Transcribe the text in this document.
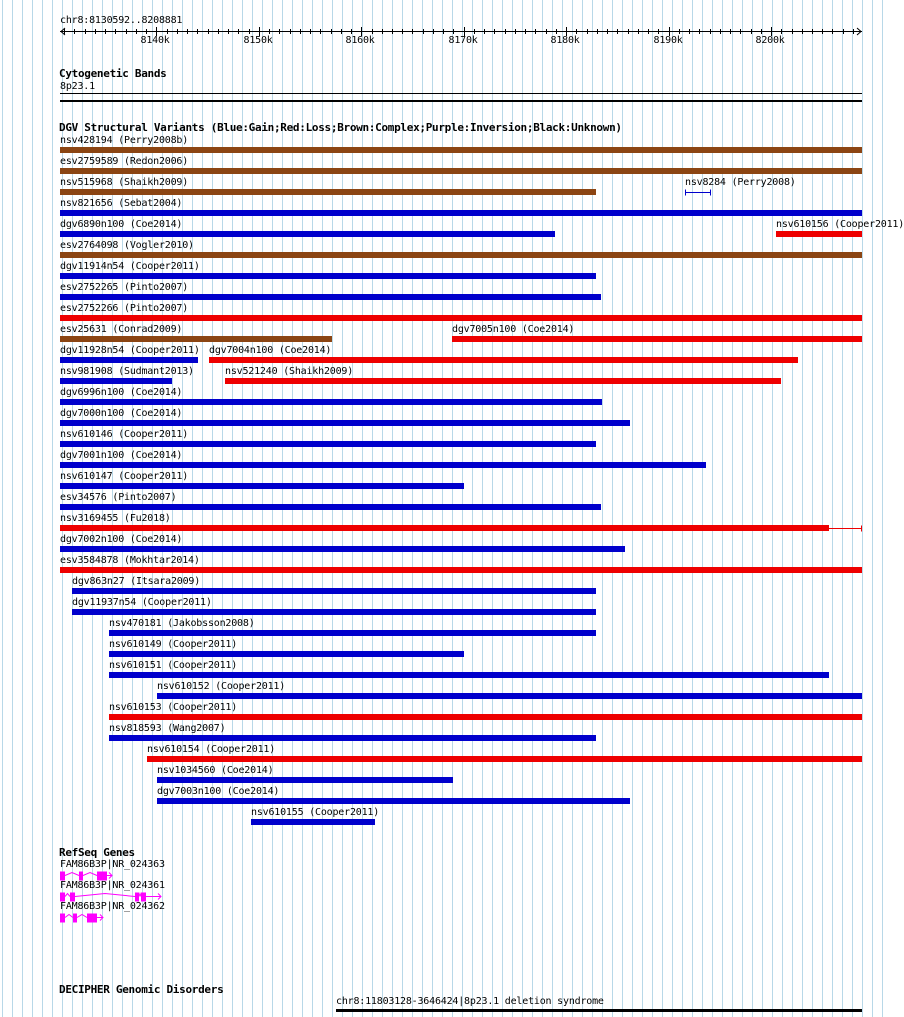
chr8:8130592..8208881
Cytogenetic Bands
8p23.1
DGV Structural Variants (Blue:Gain;Red:Loss;Brown:Complex;Purple:Inversion;Black:Unknown)
nsv428194 (Perry2008b)
esv2759589 (Redon2006)
nsv515968 (Shaikh2009)	nsv8284 (Perry2008)
nsv821656 (Sebat2004)
dgv6890n100 (Coe2014)	nsv610156 (Cooper2011)
esv2764098 (Vogler2010)
dgv11914n54 (Cooper2011)
esv2752265 (Pinto2007)
esv2752266 (Pinto2007)
esv25631 (Conrad2009)	dgv7005n100 (Coe2014)
dgv11928n54 (Cooper2011) dgv7004n100 (Coe2014)
nsv981908 (Sudmant2013)	nsv521240 (Shaikh2009)
dgv6996n100 (Coe2014)
dgv7000n100 (Coe2014)
nsv610146 (Cooper2011)
dgv7001n100 (Coe2014)
nsv610147 (Cooper2011)
esv34576 (Pinto2007)
nsv3169455 (Fu2018)
dgv7002n100 (Coe2014)
esv3584878 (Mokhtar2014)
dgv863n27 (Itsara2009)
dgv11937n54 (Cooper2011)
nsv470181 (Jakobsson2008)
nsv610149 (Cooper2011)
nsv610151 (Cooper2011)
nsv610152 (Cooper2011)
nsv610153 (Cooper2011)
nsv818593 (Wang2007)
nsv610154 (Cooper2011)
nsv1034560 (Coe2014)
dgv7003n100 (Coe2014)
nsv610155 (Cooper2011)
RefSeq Genes
FAM86B3P|NR_024363
FAM86B3P|NR_024361
FAM86B3P|NR_024362
DECIPHER Genomic Disorders
chr8:11803128-3646424|8p23.1 deletion syndrome
8140k	8150k	8160k	8170k	8180k	8190k	8200k
